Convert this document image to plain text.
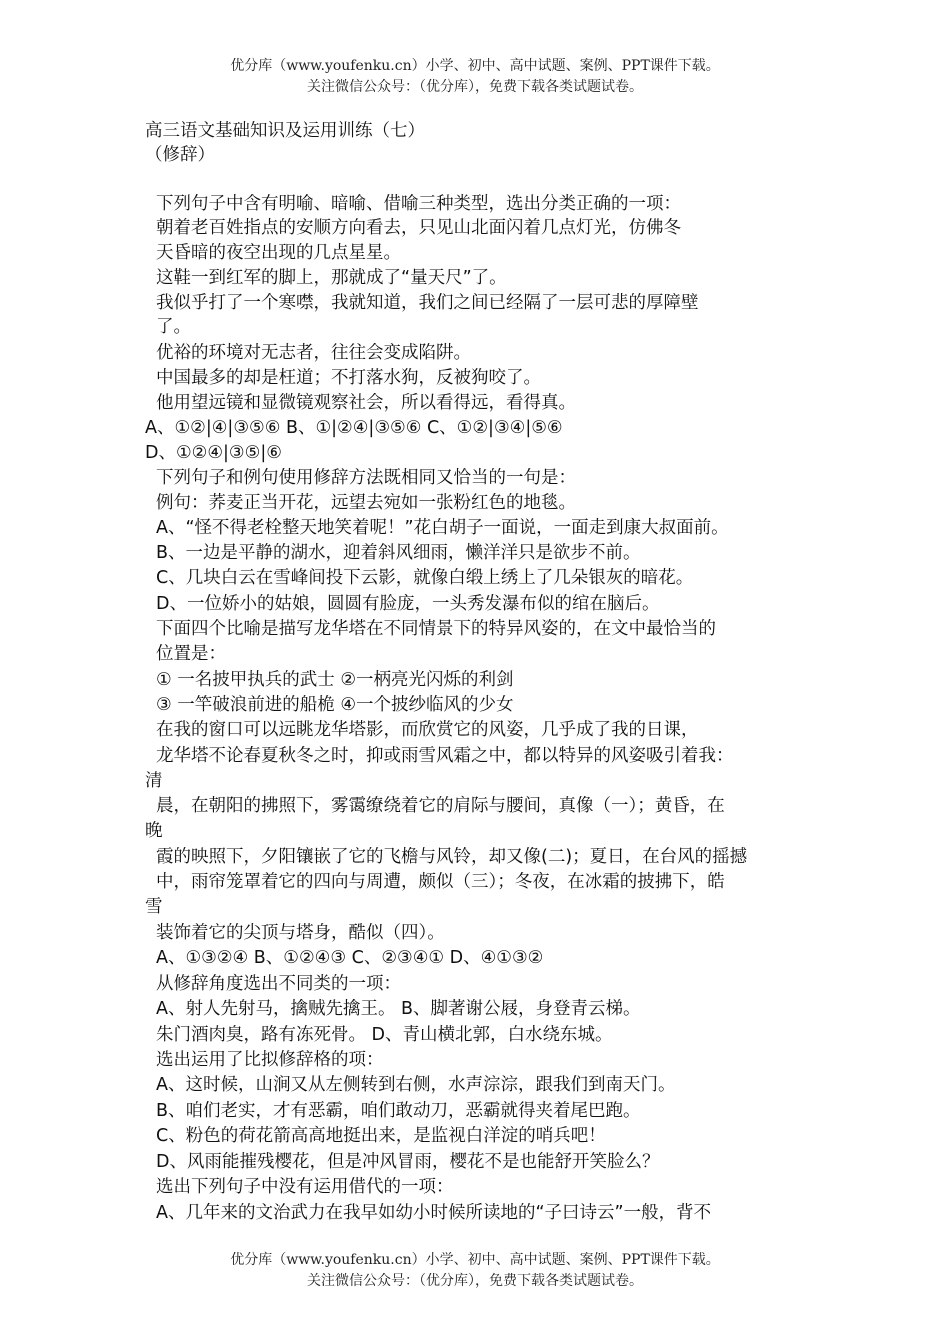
优分库（www.youfenku.cn）小学、初中、高中试题、案例、PPT课件下载。
关注微信公众号：（优分库），免费下载各类试题试卷。
高三语文基础知识及运用训练（七）
（修辞）
下列句子中含有明喻、暗喻、借喻三种类型，选出分类正确的一项：
朝着老百姓指点的安顺方向看去，只见山北面闪着几点灯光，仿佛冬
天昏暗的夜空出现的几点星星。
这鞋一到红军的脚上，那就成了“量天尺”了。
我似乎打了一个寒噤，我就知道，我们之间已经隔了一层可悲的厚障壁
了。
优裕的环境对无志者，往往会变成陷阱。
中国最多的却是枉道；不打落水狗，反被狗咬了。
他用望远镜和显微镜观察社会，所以看得远，看得真。
A、①②|④|③⑤⑥ B、①|②④|③⑤⑥ C、①②|③④|⑤⑥
D、①②④|③⑤|⑥
下列句子和例句使用修辞方法既相同又恰当的一句是：
例句：荞麦正当开花，远望去宛如一张粉红色的地毯。
A、“怪不得老栓整天地笑着呢！”花白胡子一面说，一面走到康大叔面前。
B、一边是平静的湖水，迎着斜风细雨，懒洋洋只是欲步不前。
C、几块白云在雪峰间投下云影，就像白缎上绣上了几朵银灰的暗花。
D、一位娇小的姑娘，圆圆有脸庞，一头秀发瀑布似的绾在脑后。
下面四个比喻是描写龙华塔在不同情景下的特异风姿的，在文中最恰当的
位置是：
① 一名披甲执兵的武士 ②一柄亮光闪烁的利剑
③ 一竿破浪前进的船桅 ④一个披纱临风的少女
在我的窗口可以远眺龙华塔影，而欣赏它的风姿，几乎成了我的日课，
龙华塔不论春夏秋冬之时，抑或雨雪风霜之中，都以特异的风姿吸引着我：
清
晨，在朝阳的拂照下，雾霭缭绕着它的肩际与腰间，真像（一）；黄昏，在
晚
霞的映照下，夕阳镶嵌了它的飞檐与风铃，却又像(二)；夏日，在台风的摇撼
中，雨帘笼罩着它的四向与周遭，颇似（三）；冬夜，在冰霜的披拂下，皓
雪
装饰着它的尖顶与塔身，酷似（四）。
A、①③②④ B、①②④③ C、②③④① D、④①③②
从修辞角度选出不同类的一项：
A、射人先射马，擒贼先擒王。 B、脚著谢公屐，身登青云梯。
朱门酒肉臭，路有冻死骨。 D、青山横北郭，白水绕东城。
选出运用了比拟修辞格的项：
A、这时候，山涧又从左侧转到右侧，水声淙淙，跟我们到南天门。
B、咱们老实，才有恶霸，咱们敢动刀，恶霸就得夹着尾巴跑。
C、粉色的荷花箭高高地挺出来，是监视白洋淀的哨兵吧！
D、风雨能摧残樱花，但是冲风冒雨，樱花不是也能舒开笑脸么？
选出下列句子中没有运用借代的一项：
A、几年来的文治武力在我早如幼小时候所读地的“子曰诗云”一般，背不
优分库（www.youfenku.cn）小学、初中、高中试题、案例、PPT课件下载。
关注微信公众号：（优分库），免费下载各类试题试卷。
